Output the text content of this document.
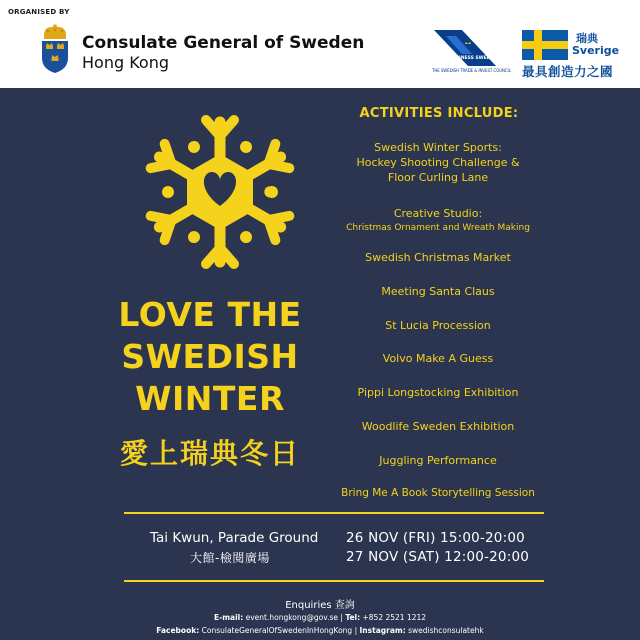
ORGANISED BY
Consulate General of Sweden
Hong Kong	BUSINESS SWEDEN
THE SWEDISH TRADE & INVEST COUNCIL
瑞典
Sverige
最具創造力之國
LOVE THE
SWEDISH
WINTER
愛上瑞典冬日
ACTIVITIES INCLUDE:
Swedish Winter Sports:
Hockey Shooting Challenge &
Floor Curling Lane
Creative Studio:
Christmas Ornament and Wreath Making
Swedish Christmas Market
Meeting Santa Claus
St Lucia Procession
Volvo Make A Guess
Pippi Longstocking Exhibition
Woodlife Sweden Exhibition
Juggling Performance
Bring Me A Book Storytelling Session
Tai Kwun, Parade Ground
大館-檢閱廣場
26 NOV (FRI) 15:00-20:00
27 NOV (SAT) 12:00-20:00
Enquiries 查詢
E-mail: event.hongkong@gov.se | Tel: +852 2521 1212
Facebook: ConsulateGeneralOfSwedenInHongKong | Instagram: swedishconsulatehk
